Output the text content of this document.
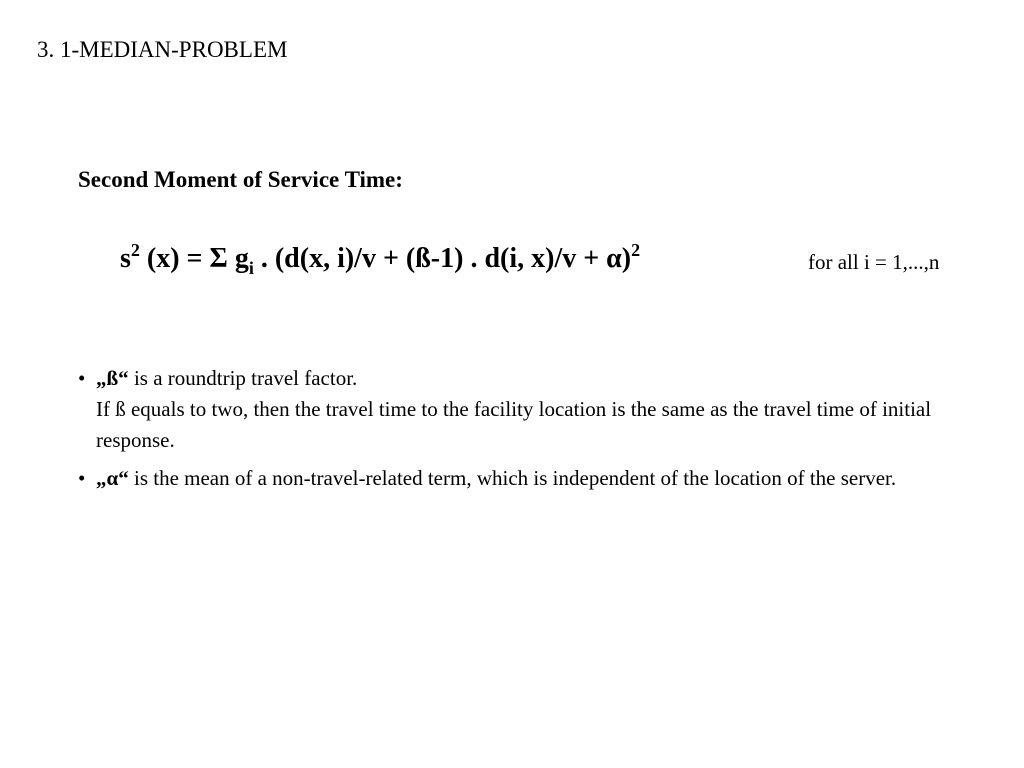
3. 1-MEDIAN-PROBLEM
Second Moment of Service Time:
$s^2$ (x) = Σ $g_i$ . (d(x, i)/v + (ß-1) . d(i, x)/v + α)$^2$	for all i = 1,...,n
• „ß“ is a roundtrip travel factor.
If ß equals to two, then the travel time to the facility location is the same as the travel time of initial response.
• „α“ is the mean of a non-travel-related term, which is independent of the location of the server.
